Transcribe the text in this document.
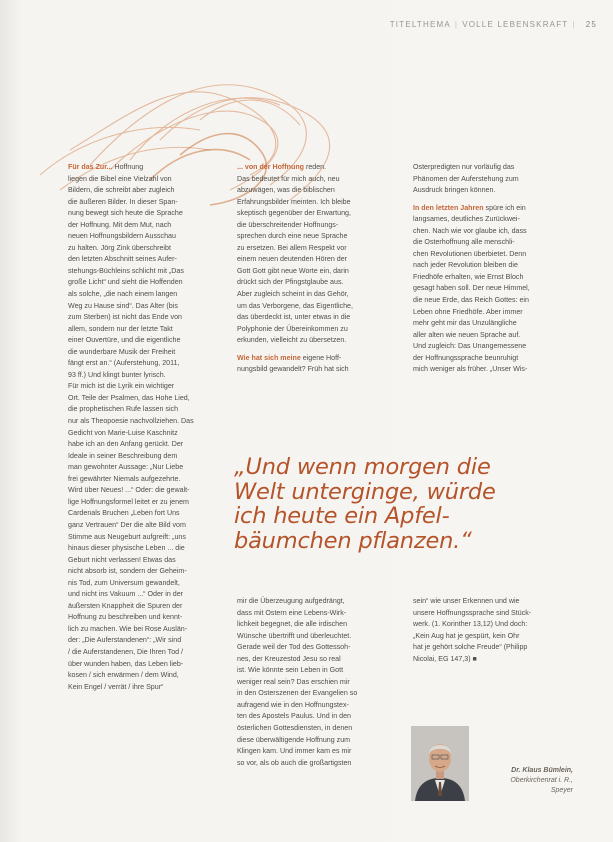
TITELTHEMA | VOLLE LEBENSKRAFT | 25
Für das Zur... Hoffnung
liegen die Bibel eine Vielzahl von
Bildern, die schreibt aber zugleich
die äußeren Bilder. In dieser Span-
nung bewegt sich heute die Sprache
der Hoffnung. Mit dem Mut, nach
neuen Hoffnungsbildern Ausschau
zu halten. Jörg Zink überschreibt
den letzten Abschnitt seines Aufer-
stehungs-Büchleins schlicht mit „Das
große Licht“ und sieht die Hoffenden
als solche, „die nach einem langen
Weg zu Hause sind“. Das Alter (bis
zum Sterben) ist nicht das Ende von
allem, sondern nur der letzte Takt
einer Ouvertüre, und die eigentliche
die wunderbare Musik der Freiheit
fängt erst an.“ (Auferstehung, 2011,
93 ff.) Und klingt bunter lyrisch.
Für mich ist die Lyrik ein wichtiger
Ort. Teile der Psalmen, das Hohe Lied,
die prophetischen Rufe lassen sich
nur als Theopoesie nachvollziehen. Das
Gedicht von Marie-Luise Kaschnitz
habe ich an den Anfang gerückt. Der
Ideale in seiner Beschreibung dem
man gewohnter Aussage: „Nur Liebe
frei gewährter Niemals aufgezehrte.
Wird über Neues! ...“ Oder: die gewalt-
lige Hoffnungsformel leitet er zu jenem
Cardenals Bruchen „Leben fort Uns
ganz Vertrauen“ Der die alte Bild vom
Stimme aus Neugeburt aufgreift: „uns
hinaus dieser physische Leben ... die
Geburt nicht verlassen! Etwas das
nicht absorb ist, sondern der Geheim-
nis Tod, zum Universum gewandelt,
und nicht ins Vakuum ...“ Oder in der
äußersten Knappheit die Spuren der
Hoffnung zu beschreiben und kennt-
lich zu machen. Wie bei Rose Auslän-
der: „Die Auferstandenen“: „Wir sind
/ die Auferstandenen, Die Ihren Tod /
über wunden haben, das Leben lieb-
kosen / sich erwärmen / dem Wind,
Kein Engel / verrät / ihre Spur“
... von der Hoffnung reden.
Das bedeutet für mich auch, neu
abzuwägen, was die biblischen
Erfahrungsbilder meinten. Ich bleibe
skeptisch gegenüber der Erwartung,
die überschreitender Hoffnungs-
sprechen durch eine neue Sprache
zu ersetzen. Bei allem Respekt vor
einem neuen deutenden Hören der
Gott Gott gibt neue Worte ein, darin
drückt sich der Pfingstglaube aus.
Aber zugleich scheint in das Gehör,
um das Verborgene, das Eigentliche,
das überdeckt ist, unter etwas in die
Polyphonie der Übereinkommen zu
erkunden, vielleicht zu übersetzen.
Wie hat sich meine eigene Hoff-
nungsbild gewandelt? Früh hat sich
Osterpredigten nur vorläufig das
Phänomen der Auferstehung zum
Ausdruck bringen können.
In den letzten Jahren spüre ich ein
langsames, deutliches Zurückwei-
chen. Nach wie vor glaube ich, dass
die Osterhoffnung alle menschli-
chen Revolutionen überbietet. Denn
nach jeder Revolution bleiben die
Friedhöfe erhalten, wie Ernst Bloch
gesagt haben soll. Der neue Himmel,
die neue Erde, das Reich Gottes: ein
Leben ohne Friedhöfe. Aber immer
mehr geht mir das Unzulängliche
aller alten wie neuen Sprache auf.
Und zugleich: Das Unangemessene
der Hoffnungssprache beunruhigt
mich weniger als früher. „Unser Wis-
„Und wenn morgen die
Welt unterginge, würde
ich heute ein Apfel-
bäumchen pflanzen.“
mir die Überzeugung aufgedrängt,
dass mit Ostern eine Lebens-Wirk-
lichkeit begegnet, die alle irdischen
Wünsche übertrifft und überleuchtet.
Gerade weil der Tod des Gottessoh-
nes, der Kreuzestod Jesu so real
ist. Wie könnte sein Leben in Gott
weniger real sein? Das erschien mir
in den Osterszenen der Evangelien so
aufragend wie in den Hoffnungstex-
ten des Apostels Paulus. Und in den
österlichen Gottesdiensten, in denen
diese überwältigende Hoffnung zum
Klingen kam. Und immer kam es mir
so vor, als ob auch die großartigsten
sein“ wie unser Erkennen und wie
unsere Hoffnungssprache sind Stück-
werk. (1. Korinther 13,12) Und doch:
„Kein Aug hat je gespürt, kein Ohr
hat je gehört solche Freude“ (Philipp
Nicolai, EG 147,3) ■
Dr. Klaus Bümlein,
Oberkirchenrat i. R.,
Speyer
